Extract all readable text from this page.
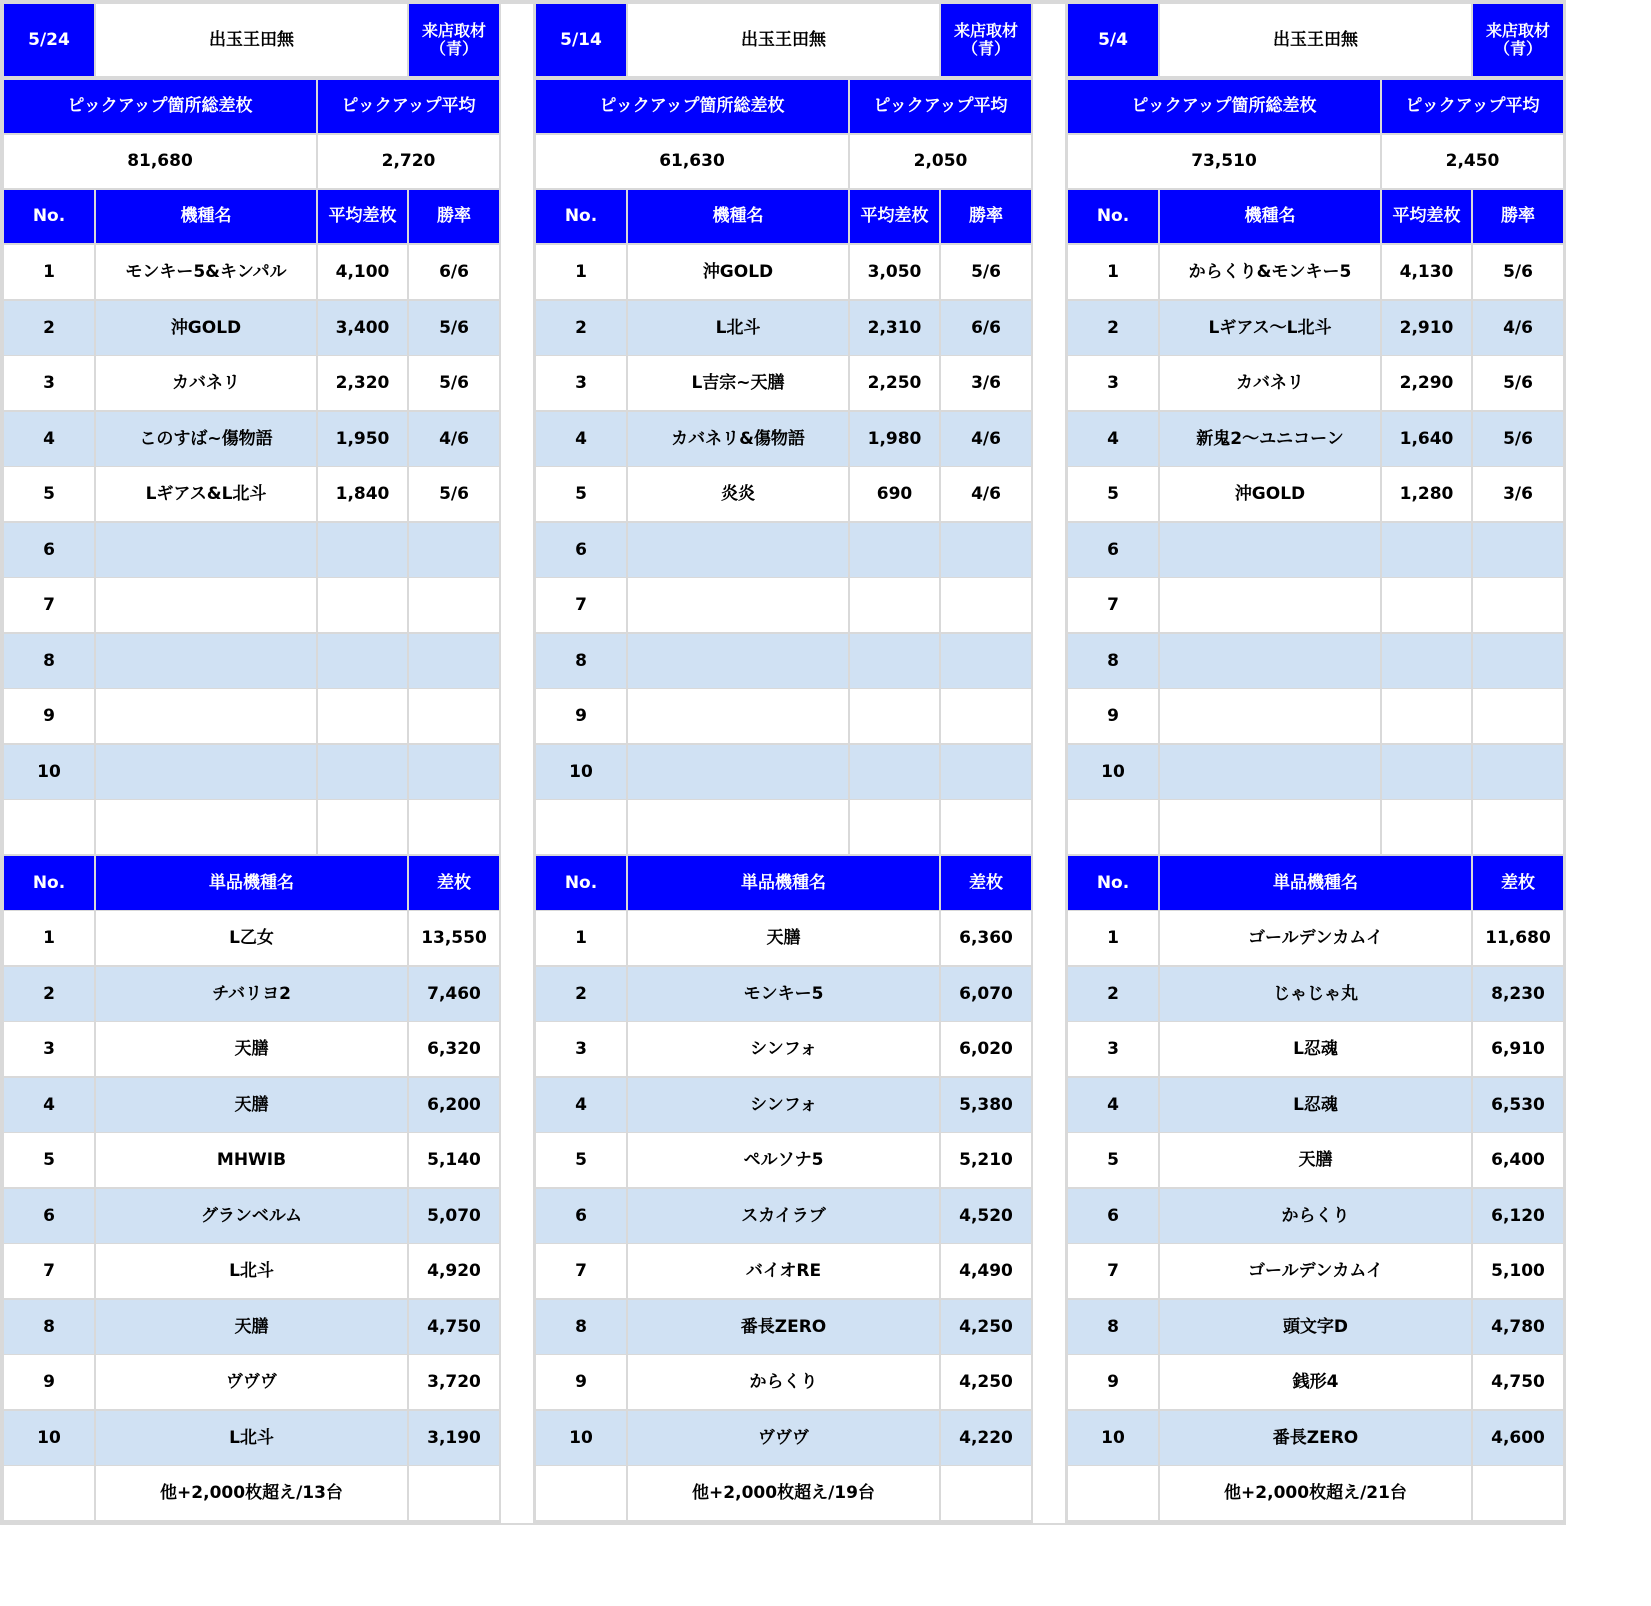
5/24	出玉王田無	来店取材
（青）
ピックアップ箇所総差枚	ピックアップ平均
81,680	2,720
No.	機種名	平均差枚	勝率
1	モンキー5&キンパル	4,100	6/6
2	沖GOLD	3,400	5/6
3	カバネリ	2,320	5/6
4	このすば~傷物語	1,950	4/6
5	Lギアス&L北斗	1,840	5/6
6
7
8
9
10
No.	単品機種名	差枚
1	L乙女	13,550
2	チバリヨ2	7,460
3	天膳	6,320
4	天膳	6,200
5	MHWIB	5,140
6	グランベルム	5,070
7	L北斗	4,920
8	天膳	4,750
9	ヴヴヴ	3,720
10	L北斗	3,190
他+2,000枚超え/13台
5/14	出玉王田無	来店取材
（青）
ピックアップ箇所総差枚	ピックアップ平均
61,630	2,050
No.	機種名	平均差枚	勝率
1	沖GOLD	3,050	5/6
2	L北斗	2,310	6/6
3	L吉宗~天膳	2,250	3/6
4	カバネリ&傷物語	1,980	4/6
5	炎炎	690	4/6
6
7
8
9
10
No.	単品機種名	差枚
1	天膳	6,360
2	モンキー5	6,070
3	シンフォ	6,020
4	シンフォ	5,380
5	ペルソナ5	5,210
6	スカイラブ	4,520
7	バイオRE	4,490
8	番長ZERO	4,250
9	からくり	4,250
10	ヴヴヴ	4,220
他+2,000枚超え/19台
5/4	出玉王田無	来店取材
（青）
ピックアップ箇所総差枚	ピックアップ平均
73,510	2,450
No.	機種名	平均差枚	勝率
1	からくり&モンキー5	4,130	5/6
2	Lギアス～L北斗	2,910	4/6
3	カバネリ	2,290	5/6
4	新鬼2～ユニコーン	1,640	5/6
5	沖GOLD	1,280	3/6
6
7
8
9
10
No.	単品機種名	差枚
1	ゴールデンカムイ	11,680
2	じゃじゃ丸	8,230
3	L忍魂	6,910
4	L忍魂	6,530
5	天膳	6,400
6	からくり	6,120
7	ゴールデンカムイ	5,100
8	頭文字D	4,780
9	銭形4	4,750
10	番長ZERO	4,600
他+2,000枚超え/21台
